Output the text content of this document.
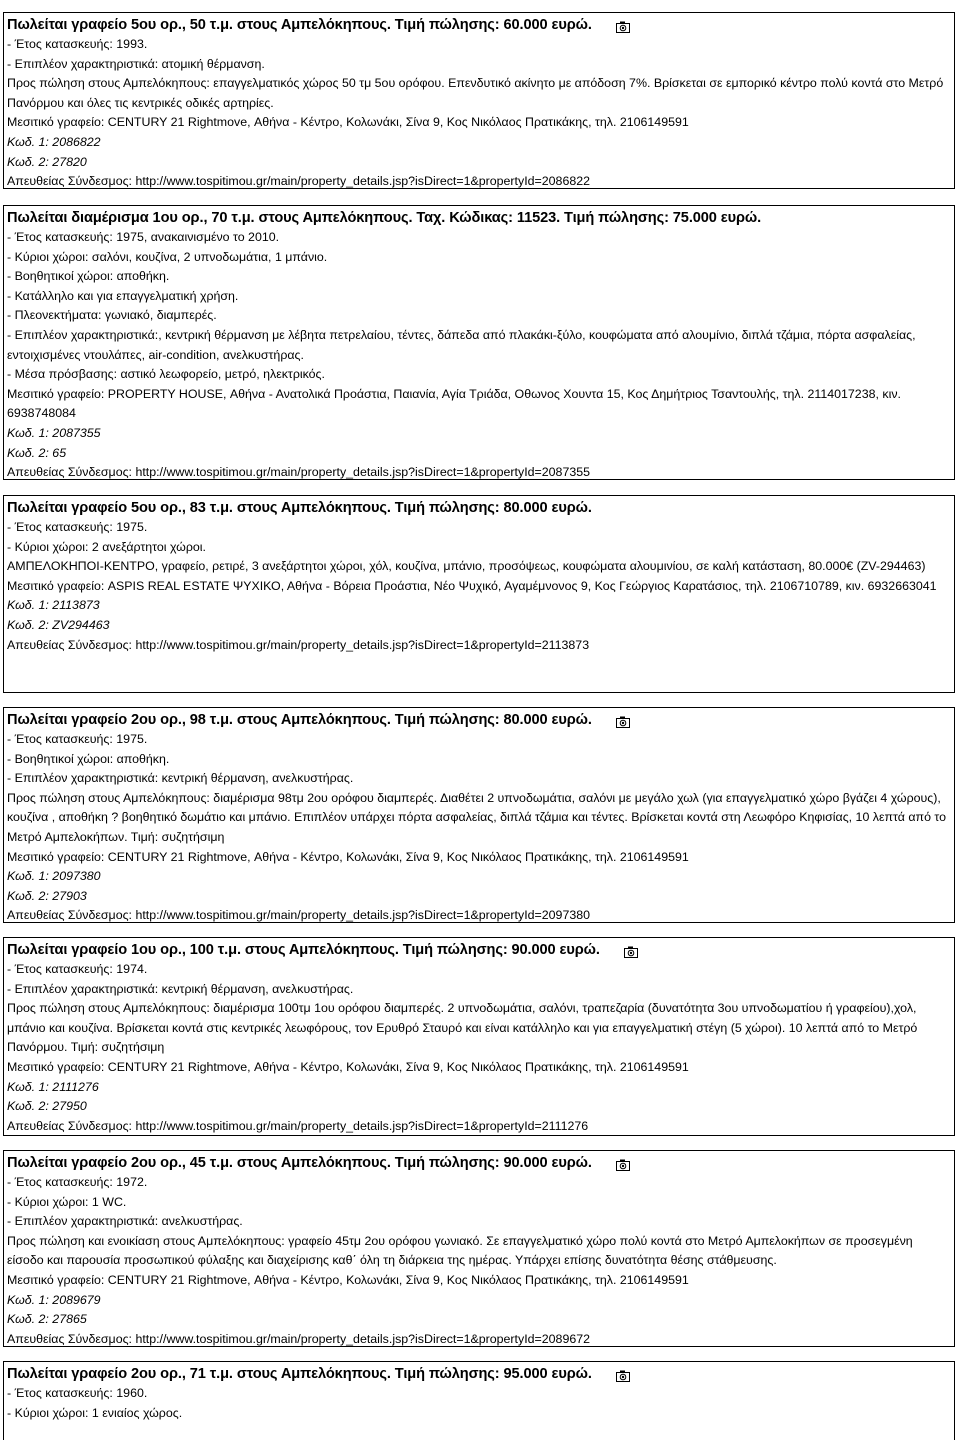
Πωλείται γραφείο 5ου ορ., 50 τ.μ. στους Αμπελόκηπους. Τιμή πώλησης: 60.000 ευρώ.
- Έτος κατασκευής: 1993.
- Επιπλέον χαρακτηριστικά: ατομική θέρμανση.
Προς πώληση στους Αμπελόκηπους: επαγγελματικός χώρος 50 τμ 5ου ορόφου. Επενδυτικό ακίνητο με απόδοση 7%. Βρίσκεται σε εμπορικό κέντρο πολύ κοντά στο Μετρό Πανόρμου και όλες τις κεντρικές οδικές αρτηρίες.
Μεσιτικό γραφείο: CENTURY 21 Rightmove, Αθήνα - Κέντρο, Κολωνάκι, Σίνα 9, Κος Νικόλαος Πρατικάκης, τηλ. 2106149591
Κωδ. 1: 2086822
Κωδ. 2: 27820
Απευθείας Σύνδεσμος: http://www.tospitimou.gr/main/property_details.jsp?isDirect=1&propertyId=2086822
Πωλείται διαμέρισμα 1ου ορ., 70 τ.μ. στους Αμπελόκηπους. Ταχ. Κώδικας: 11523. Τιμή πώλησης: 75.000 ευρώ.
- Έτος κατασκευής: 1975, ανακαινισμένο το 2010.
- Κύριοι χώροι: σαλόνι, κουζίνα, 2 υπνοδωμάτια, 1 μπάνιο.
- Βοηθητικοί χώροι: αποθήκη.
- Κατάλληλο και για επαγγελματική χρήση.
- Πλεονεκτήματα: γωνιακό, διαμπερές.
- Επιπλέον χαρακτηριστικά:, κεντρική θέρμανση με λέβητα πετρελαίου, τέντες, δάπεδα από πλακάκι-ξύλο, κουφώματα από αλουμίνιο, διπλά τζάμια, πόρτα ασφαλείας, εντοιχισμένες ντουλάπες, air-condition, ανελκυστήρας.
- Μέσα πρόσβασης: αστικό λεωφορείο, μετρό, ηλεκτρικός.
Μεσιτικό γραφείο: PROPERTY HOUSE, Αθήνα - Ανατολικά Προάστια, Παιανία, Αγία Τριάδα, Οθωνος Χουντα 15, Κος Δημήτριος Τσαντουλής, τηλ. 2114017238, κιν. 6938748084
Κωδ. 1: 2087355
Κωδ. 2: 65
Απευθείας Σύνδεσμος: http://www.tospitimou.gr/main/property_details.jsp?isDirect=1&propertyId=2087355
Πωλείται γραφείο 5ου ορ., 83 τ.μ. στους Αμπελόκηπους. Τιμή πώλησης: 80.000 ευρώ.
- Έτος κατασκευής: 1975.
- Κύριοι χώροι: 2 ανεξάρτητοι χώροι.
ΑΜΠΕΛΟΚΗΠΟΙ-ΚΕΝΤΡΟ, γραφείο, ρετιρέ, 3 ανεξάρτητοι χώροι, χόλ, κουζίνα, μπάνιο, προσόψεως, κουφώματα αλουμινίου, σε καλή κατάσταση, 80.000€ (ZV-294463)
Μεσιτικό γραφείο: ASPIS REAL ESTATE ΨΥΧΙΚΟ, Αθήνα - Βόρεια Προάστια, Νέο Ψυχικό, Αγαμέμνονος 9, Κος Γεώργιος Καρατάσιος, τηλ. 2106710789, κιν. 6932663041
Κωδ. 1: 2113873
Κωδ. 2: ZV294463
Απευθείας Σύνδεσμος: http://www.tospitimou.gr/main/property_details.jsp?isDirect=1&propertyId=2113873
Πωλείται γραφείο 2ου ορ., 98 τ.μ. στους Αμπελόκηπους. Τιμή πώλησης: 80.000 ευρώ.
- Έτος κατασκευής: 1975.
- Βοηθητικοί χώροι: αποθήκη.
- Επιπλέον χαρακτηριστικά: κεντρική θέρμανση, ανελκυστήρας.
Προς πώληση στους Αμπελόκηπους: διαμέρισμα 98τμ 2ου ορόφου διαμπερές. Διαθέτει 2 υπνοδωμάτια, σαλόνι με μεγάλο χωλ (για επαγγελματικό χώρο βγάζει 4 χώρους), κουζίνα , αποθήκη ? βοηθητικό δωμάτιο και μπάνιο. Επιπλέον υπάρχει πόρτα ασφαλείας, διπλά τζάμια και τέντες. Βρίσκεται κοντά στη Λεωφόρο Κηφισίας, 10 λεπτά από το Μετρό Αμπελοκήπων. Τιμή: συζητήσιμη
Μεσιτικό γραφείο: CENTURY 21 Rightmove, Αθήνα - Κέντρο, Κολωνάκι, Σίνα 9, Κος Νικόλαος Πρατικάκης, τηλ. 2106149591
Κωδ. 1: 2097380
Κωδ. 2: 27903
Απευθείας Σύνδεσμος: http://www.tospitimou.gr/main/property_details.jsp?isDirect=1&propertyId=2097380
Πωλείται γραφείο 1ου ορ., 100 τ.μ. στους Αμπελόκηπους. Τιμή πώλησης: 90.000 ευρώ.
- Έτος κατασκευής: 1974.
- Επιπλέον χαρακτηριστικά: κεντρική θέρμανση, ανελκυστήρας.
Προς πώληση στους Αμπελόκηπους: διαμέρισμα 100τμ 1ου ορόφου διαμπερές. 2 υπνοδωμάτια, σαλόνι, τραπεζαρία (δυνατότητα 3ου υπνοδωματίου ή γραφείου),χολ, μπάνιο και κουζίνα. Βρίσκεται κοντά στις κεντρικές λεωφόρους, τον Ερυθρό Σταυρό και είναι κατάλληλο και για επαγγελματική στέγη (5 χώροι). 10 λεπτά από το Μετρό Πανόρμου. Τιμή: συζητήσιμη
Μεσιτικό γραφείο: CENTURY 21 Rightmove, Αθήνα - Κέντρο, Κολωνάκι, Σίνα 9, Κος Νικόλαος Πρατικάκης, τηλ. 2106149591
Κωδ. 1: 2111276
Κωδ. 2: 27950
Απευθείας Σύνδεσμος: http://www.tospitimou.gr/main/property_details.jsp?isDirect=1&propertyId=2111276
Πωλείται γραφείο 2ου ορ., 45 τ.μ. στους Αμπελόκηπους. Τιμή πώλησης: 90.000 ευρώ.
- Έτος κατασκευής: 1972.
- Κύριοι χώροι: 1 WC.
- Επιπλέον χαρακτηριστικά: ανελκυστήρας.
Προς πώληση και ενοικίαση στους Αμπελόκηπους: γραφείο 45τμ 2ου ορόφου γωνιακό. Σε επαγγελματικό χώρο πολύ κοντά στο Μετρό Αμπελοκήπων σε προσεγμένη είσοδο και παρουσία προσωπικού φύλαξης και διαχείρισης καθ΄ όλη τη διάρκεια της ημέρας. Υπάρχει επίσης δυνατότητα θέσης στάθμευσης.
Μεσιτικό γραφείο: CENTURY 21 Rightmove, Αθήνα - Κέντρο, Κολωνάκι, Σίνα 9, Κος Νικόλαος Πρατικάκης, τηλ. 2106149591
Κωδ. 1: 2089679
Κωδ. 2: 27865
Απευθείας Σύνδεσμος: http://www.tospitimou.gr/main/property_details.jsp?isDirect=1&propertyId=2089672
Πωλείται γραφείο 2ου ορ., 71 τ.μ. στους Αμπελόκηπους. Τιμή πώλησης: 95.000 ευρώ.
- Έτος κατασκευής: 1960.
- Κύριοι χώροι: 1 ενιαίος χώρος.
